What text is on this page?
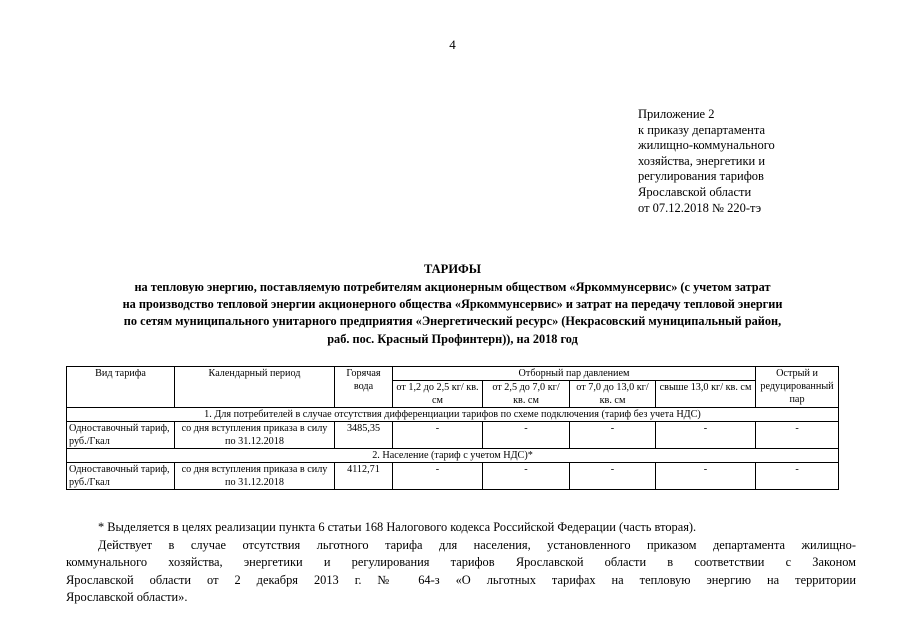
4
Приложение 2
к приказу департамента
жилищно-коммунального
хозяйства, энергетики и
регулирования тарифов
Ярославской области
от 07.12.2018 № 220-тэ
ТАРИФЫ
на тепловую энергию, поставляемую потребителям акционерным обществом «Яркоммунсервис» (с учетом затрат
на производство тепловой энергии акционерного общества «Яркоммунсервис» и затрат на передачу тепловой энергии
по сетям муниципального унитарного предприятия «Энергетический ресурс» (Некрасовский муниципальный район,
раб. пос. Красный Профинтерн)), на 2018 год
Вид тарифа	Календарный период	Горячая вода	Отборный пар давлением				Острый и редуцированный пар
			от 1,2 до 2,5 кг/ кв. см	от 2,5 до 7,0 кг/ кв. см	от 7,0 до 13,0 кг/ кв. см	свыше 13,0 кг/ кв. см	

1. Для потребителей в случае отсутствия дифференциации тарифов по схеме подключения (тариф без учета НДС)							
Одноставочный тариф, руб./Гкал	со дня вступления приказа в силу по 31.12.2018	3485,35	-	-	-	-	-
2. Население (тариф с учетом НДС)*							
Одноставочный тариф, руб./Гкал	со дня вступления приказа в силу по 31.12.2018	4112,71	-	-	-	-	-

* Выделяется в целях реализации пункта 6 статьи 168 Налогового кодекса Российской Федерации (часть вторая).

Действует в случае отсутствия льготного тарифа для населения, установленного приказом департамента жилищно-

коммунального хозяйства, энергетики и регулирования тарифов Ярославской области в соответствии с Законом

Ярославской области от 2 декабря 2013 г. № 64-з «О льготных тарифах на тепловую энергию на территории

Ярославской области».
